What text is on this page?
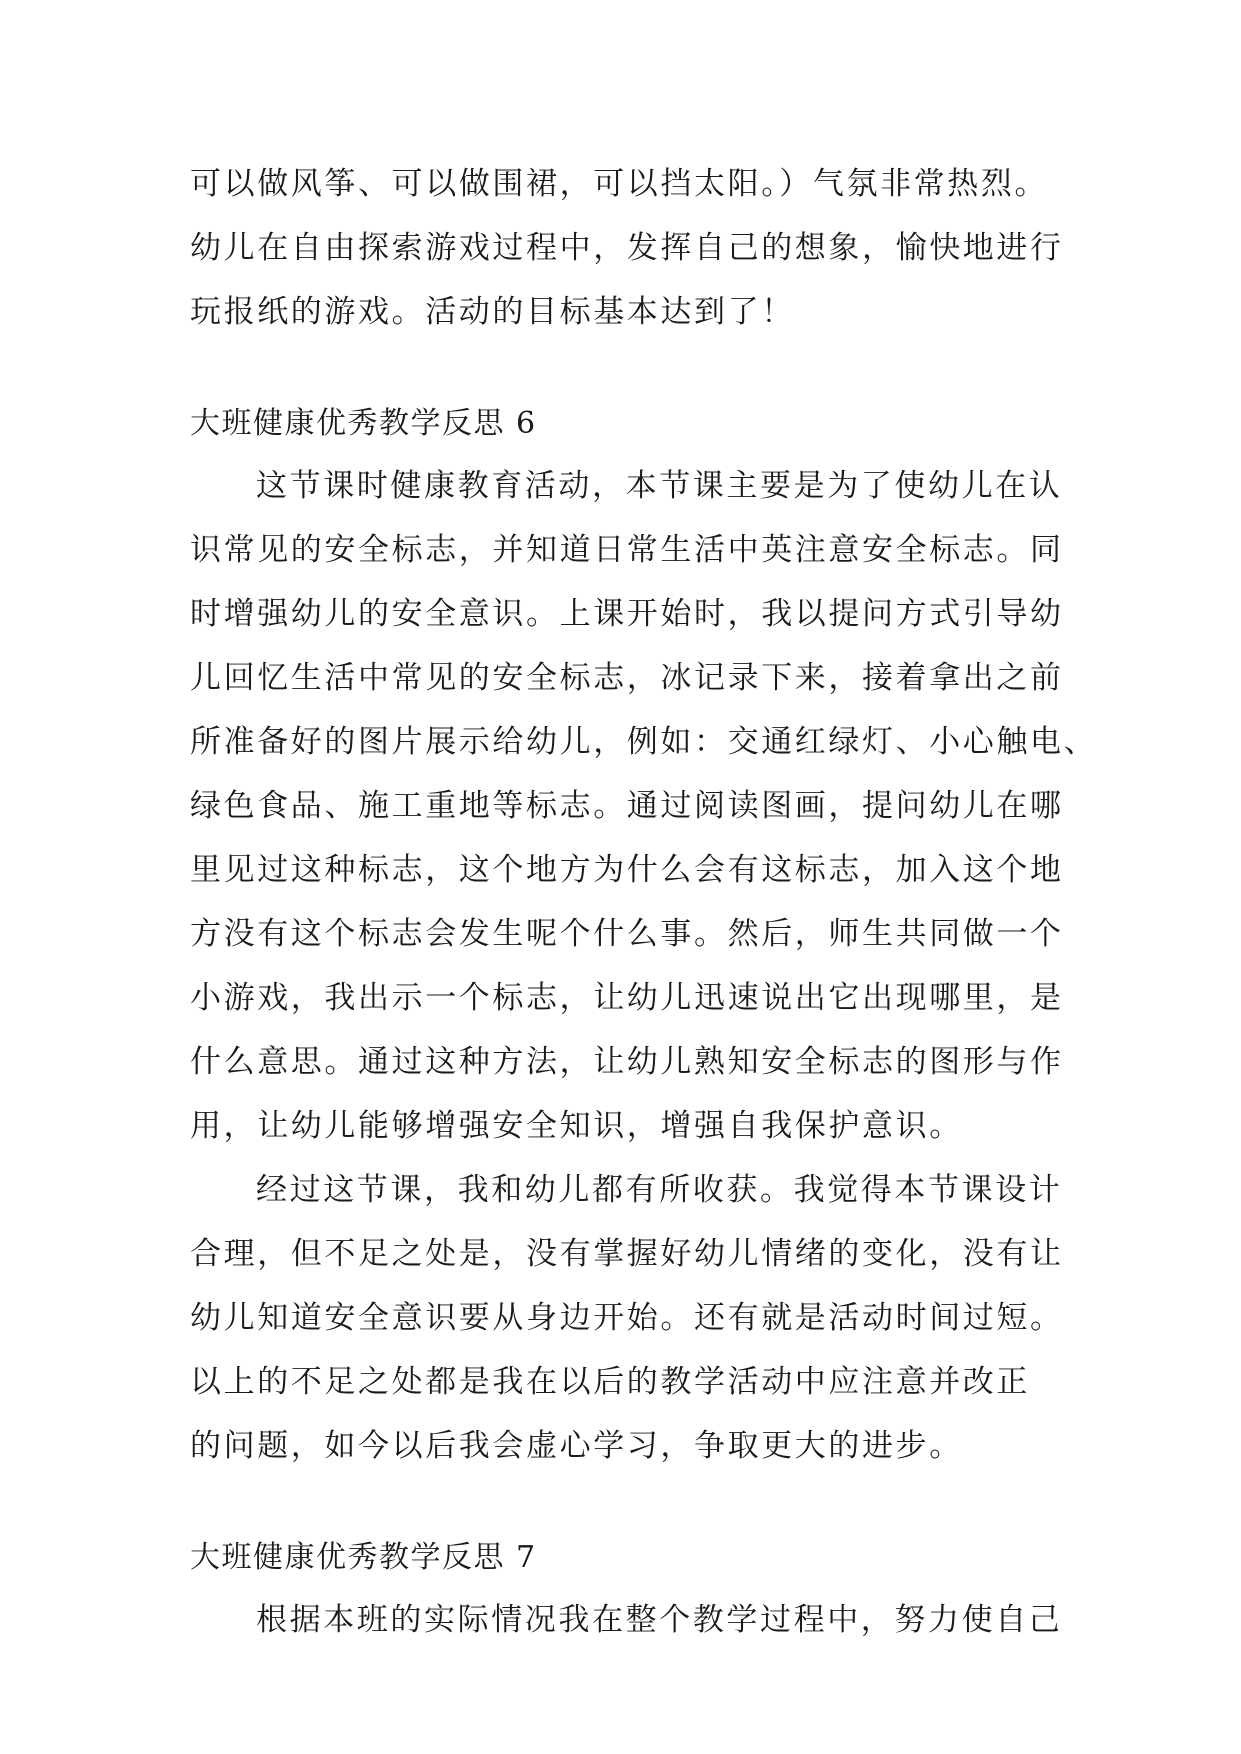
可以做风筝、可以做围裙，可以挡太阳。）气氛非常热烈。
幼儿在自由探索游戏过程中，发挥自己的想象，愉快地进行
玩报纸的游戏。活动的目标基本达到了！
大班健康优秀教学反思 6
这节课时健康教育活动，本节课主要是为了使幼儿在认
识常见的安全标志，并知道日常生活中英注意安全标志。同
时增强幼儿的安全意识。上课开始时，我以提问方式引导幼
儿回忆生活中常见的安全标志，冰记录下来，接着拿出之前
所准备好的图片展示给幼儿，例如：交通红绿灯、小心触电、
绿色食品、施工重地等标志。通过阅读图画，提问幼儿在哪
里见过这种标志，这个地方为什么会有这标志，加入这个地
方没有这个标志会发生呢个什么事。然后，师生共同做一个
小游戏，我出示一个标志，让幼儿迅速说出它出现哪里，是
什么意思。通过这种方法，让幼儿熟知安全标志的图形与作
用，让幼儿能够增强安全知识，增强自我保护意识。
经过这节课，我和幼儿都有所收获。我觉得本节课设计
合理，但不足之处是，没有掌握好幼儿情绪的变化，没有让
幼儿知道安全意识要从身边开始。还有就是活动时间过短。
以上的不足之处都是我在以后的教学活动中应注意并改正
的问题，如今以后我会虚心学习，争取更大的进步。
大班健康优秀教学反思 7
根据本班的实际情况我在整个教学过程中，努力使自己
